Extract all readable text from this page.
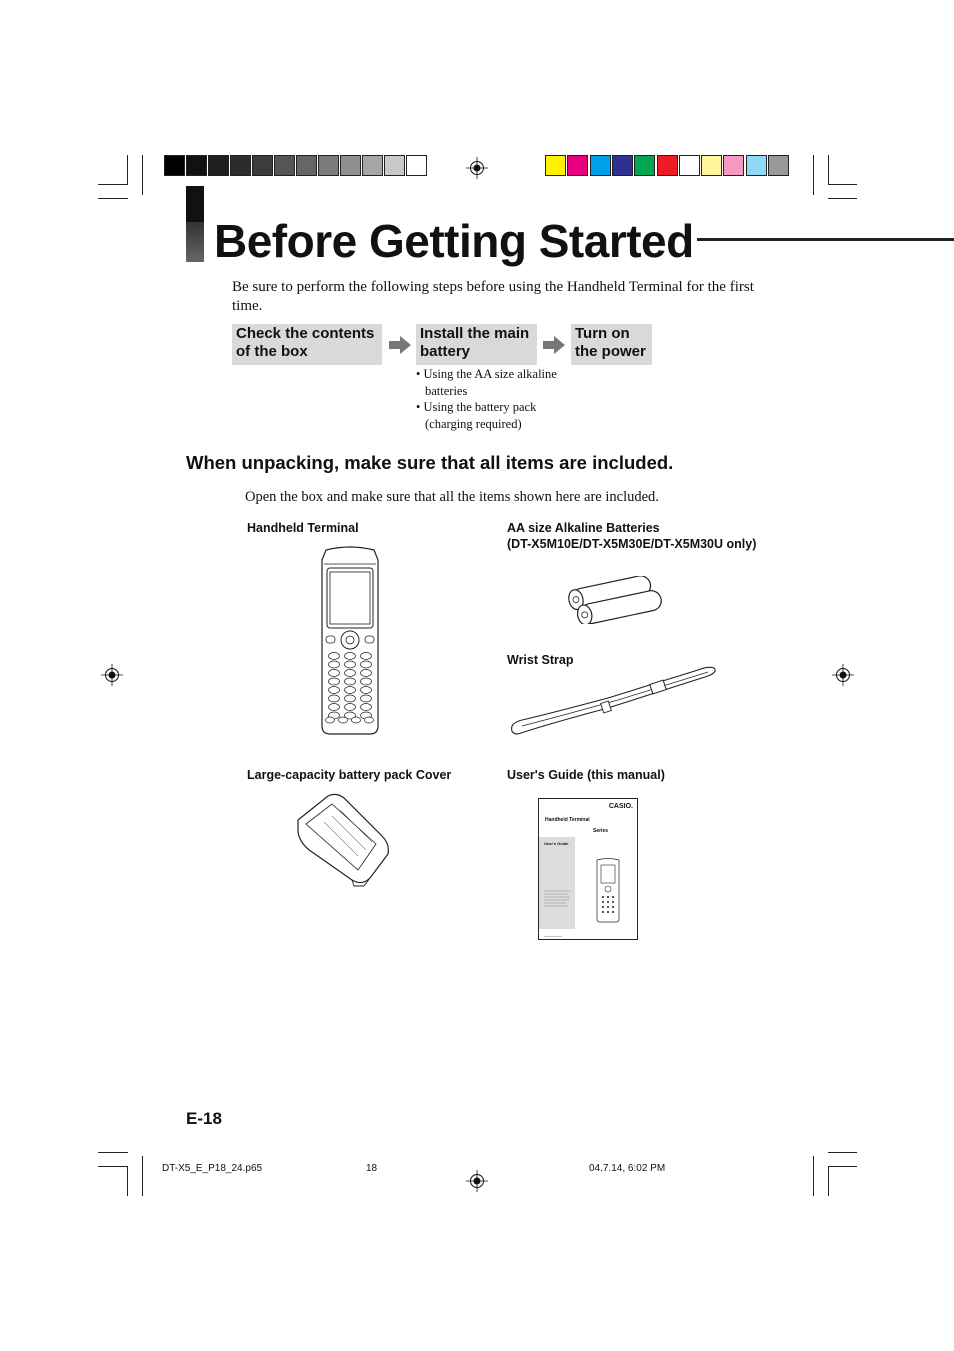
Before Getting Started
Be sure to perform the following steps before using the Handheld Terminal for the first time.
Check the contents
of the box
Install the main
battery
Turn on
the power
• Using the AA size alkaline batteries
• Using the battery pack (charging required)
When unpacking, make sure that all items are included.
Open the box and make sure that all the items shown here are included.
Handheld Terminal	AA size Alkaline Batteries
(DT-X5M10E/DT-X5M30E/DT-X5M30U only)
Wrist Strap
Large-capacity battery pack Cover	User's Guide (this manual)
CASIO.
Handheld Terminal
Series
User's Guide
E-18
DT-X5_E_P18_24.p65	18	04.7.14, 6:02 PM
